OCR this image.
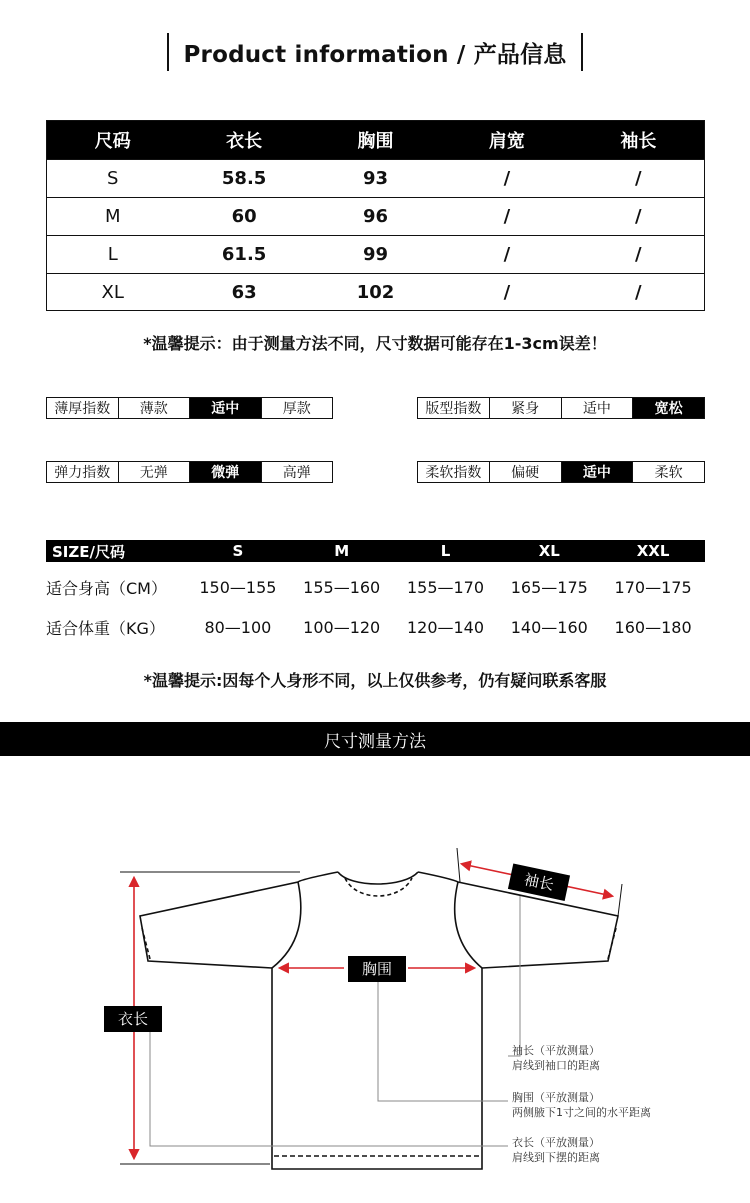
Product information / 产品信息
尺码	衣长	胸围	肩宽	袖长
S	58.5	93	/	/
M	60	96	/	/
L	61.5	99	/	/
XL	63	102	/	/
*温馨提示：由于测量方法不同，尺寸数据可能存在1-3cm误差！
薄厚指数	薄款	适中	厚款	版型指数	紧身	适中	宽松
弹力指数	无弹	微弹	高弹	柔软指数	偏硬	适中	柔软
SIZE/尺码	S	M	L	XL	XXL
适合身高（CM）	150—155	155—160	155—170	165—175	170—175
适合体重（KG）	80—100	100—120	120—140	140—160	160—180
*温馨提示:因每个人身形不同，以上仅供参考，仍有疑问联系客服
尺寸测量方法
衣长
胸围
袖长
袖长（平放测量）
肩线到袖口的距离
胸围（平放测量）
两侧腋下1寸之间的水平距离
衣长（平放测量）
肩线到下摆的距离
